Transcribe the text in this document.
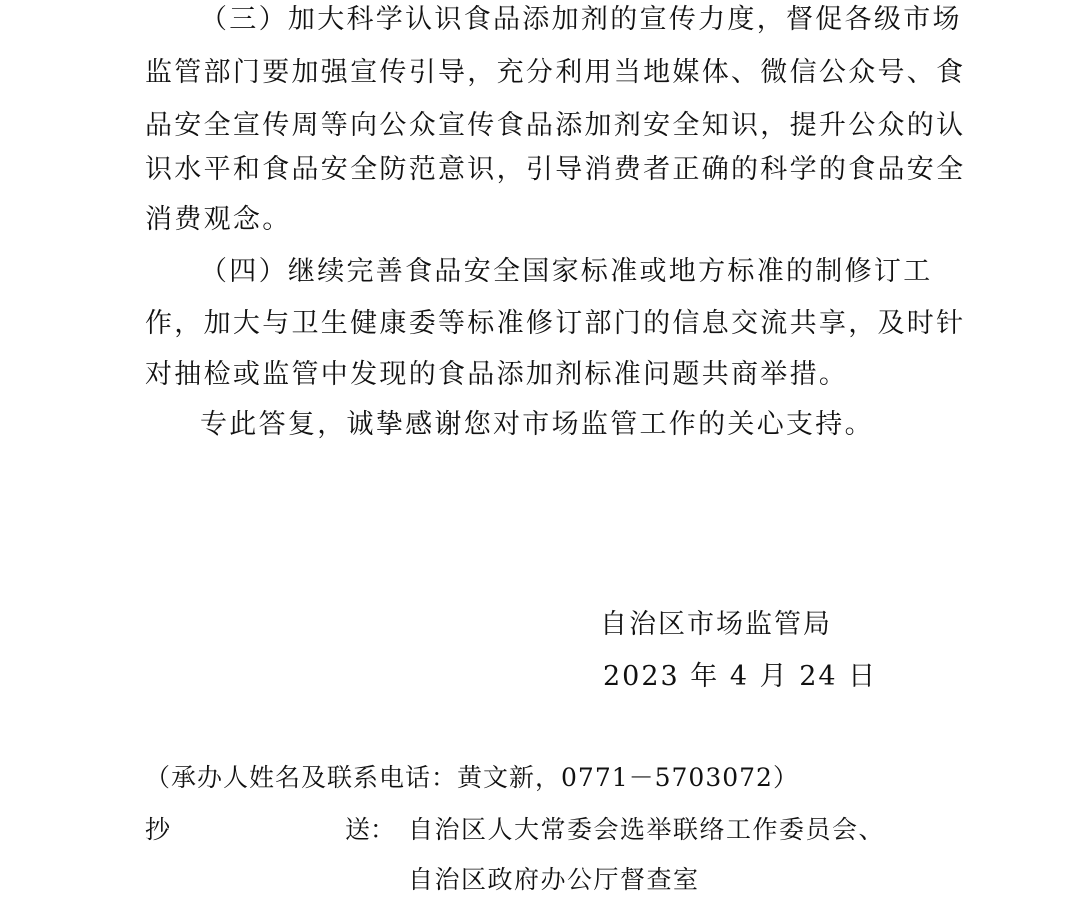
（三）加大科学认识食品添加剂的宣传力度，督促各级市场
监管部门要加强宣传引导，充分利用当地媒体、微信公众号、食
品安全宣传周等向公众宣传食品添加剂安全知识，提升公众的认
识水平和食品安全防范意识，引导消费者正确的科学的食品安全
消费观念。
（四）继续完善食品安全国家标准或地方标准的制修订工
作，加大与卫生健康委等标准修订部门的信息交流共享，及时针
对抽检或监管中发现的食品添加剂标准问题共商举措。
专此答复，诚挚感谢您对市场监管工作的关心支持。
自治区市场监管局
2023 年 4 月 24 日
（承办人姓名及联系电话：黄文新，0771－5703072）
抄	送： 自治区人大常委会选举联络工作委员会、
自治区政府办公厅督查室
